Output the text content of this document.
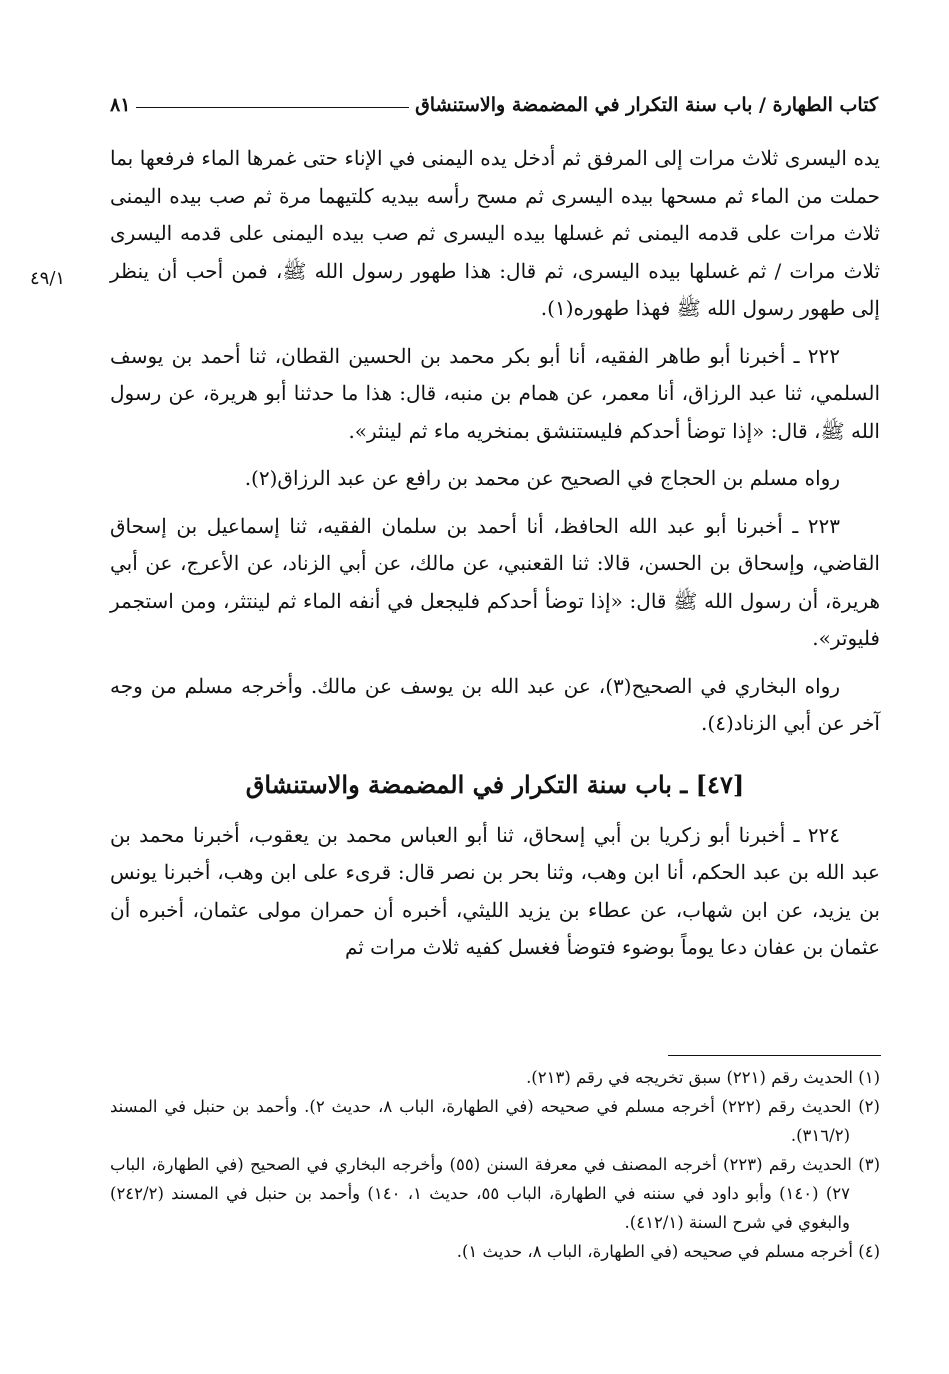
كتاب الطهارة / باب سنة التكرار في المضمضة والاستنشاق
٨١
٤٩/١

يده اليسرى ثلاث مرات إلى المرفق ثم أدخل يده اليمنى في الإناء حتى غمرها الماء فرفعها بما حملت من الماء ثم مسحها بيده اليسرى ثم مسح رأسه بيديه كلتيهما مرة ثم صب بيده اليمنى ثلاث مرات على قدمه اليمنى ثم غسلها بيده اليسرى ثم صب بيده اليمنى على قدمه اليسرى ثلاث مرات / ثم غسلها بيده اليسرى، ثم قال: هذا طهور رسول الله ﷺ، فمن أحب أن ينظر إلى طهور رسول الله ﷺ فهذا طهوره(١).

٢٢٢ ـ أخبرنا أبو طاهر الفقيه، أنا أبو بكر محمد بن الحسين القطان، ثنا أحمد بن يوسف السلمي، ثنا عبد الرزاق، أنا معمر، عن همام بن منبه، قال: هذا ما حدثنا أبو هريرة، عن رسول الله ﷺ، قال: «إذا توضأ أحدكم فليستنشق بمنخريه ماء ثم لينثر».

رواه مسلم بن الحجاج في الصحيح عن محمد بن رافع عن عبد الرزاق(٢).

٢٢٣ ـ أخبرنا أبو عبد الله الحافظ، أنا أحمد بن سلمان الفقيه، ثنا إسماعيل بن إسحاق القاضي، وإسحاق بن الحسن، قالا: ثنا القعنبي، عن مالك، عن أبي الزناد، عن الأعرج، عن أبي هريرة، أن رسول الله ﷺ قال: «إذا توضأ أحدكم فليجعل في أنفه الماء ثم لينتثر، ومن استجمر فليوتر».

رواه البخاري في الصحيح(٣)، عن عبد الله بن يوسف عن مالك. وأخرجه مسلم من وجه آخر عن أبي الزناد(٤).

[٤٧] ـ باب سنة التكرار في المضمضة والاستنشاق

٢٢٤ ـ أخبرنا أبو زكريا بن أبي إسحاق، ثنا أبو العباس محمد بن يعقوب، أخبرنا محمد بن عبد الله بن عبد الحكم، أنا ابن وهب، وثنا بحر بن نصر قال: قرىء على ابن وهب، أخبرنا يونس بن يزيد، عن ابن شهاب، عن عطاء بن يزيد الليثي، أخبره أن حمران مولى عثمان، أخبره أن عثمان بن عفان دعا يوماً بوضوء فتوضأ فغسل كفيه ثلاث مرات ثم

(١) الحديث رقم (٢٢١) سبق تخريجه في رقم (٢١٣).
(٢) الحديث رقم (٢٢٢) أخرجه مسلم في صحيحه (في الطهارة، الباب ٨، حديث ٢). وأحمد بن حنبل في المسند (٣١٦/٢).
(٣) الحديث رقم (٢٢٣) أخرجه المصنف في معرفة السنن (٥٥) وأخرجه البخاري في الصحيح (في الطهارة، الباب ٢٧) (١٤٠) وأبو داود في سننه في الطهارة، الباب ٥٥، حديث ١، ١٤٠) وأحمد بن حنبل في المسند (٢٤٢/٢) والبغوي في شرح السنة (٤١٢/١).
(٤) أخرجه مسلم في صحيحه (في الطهارة، الباب ٨، حديث ١).
